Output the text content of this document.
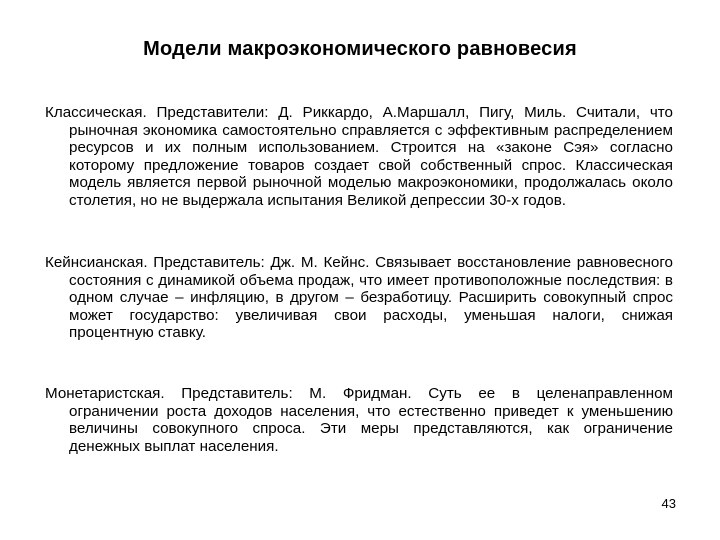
Модели макроэкономического равновесия
Классическая. Представители: Д. Риккардо, А.Маршалл, Пигу, Миль. Считали, что рыночная экономика самостоятельно справляется с эффективным распределением ресурсов и их полным использованием. Строится на «законе Сэя» согласно которому предложение товаров создает свой собственный спрос. Классическая модель является первой рыночной моделью макроэкономики, продолжалась около столетия, но не выдержала испытания Великой депрессии 30-х годов.
Кейнсианская. Представитель: Дж. М. Кейнс. Связывает восстановление равновесного состояния с динамикой объема продаж, что имеет противоположные последствия: в одном случае – инфляцию, в другом – безработицу. Расширить совокупный спрос может государство: увеличивая свои расходы, уменьшая налоги, снижая процентную ставку.
Монетаристская. Представитель: М. Фридман. Суть ее в целенаправленном ограничении роста доходов населения, что естественно приведет к уменьшению величины совокупного спроса. Эти меры представляются, как ограничение денежных выплат населения.
43
